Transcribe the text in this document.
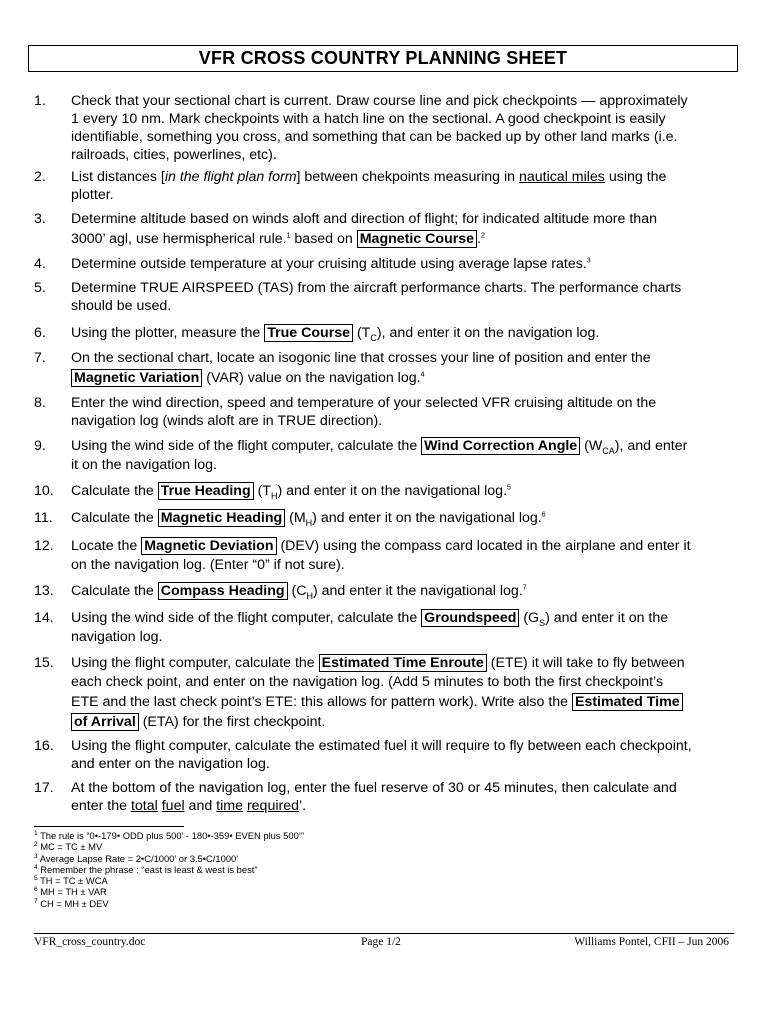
VFR CROSS COUNTRY PLANNING SHEET
1. Check that your sectional chart is current. Draw course line and pick checkpoints — approximately
1 every 10 nm. Mark checkpoints with a hatch line on the sectional. A good checkpoint is easily
identifiable, something you cross, and something that can be backed up by other land marks (i.e.
railroads, cities, powerlines, etc).
2. List distances [in the flight plan form] between chekpoints measuring in nautical miles using the
plotter.
3. Determine altitude based on winds aloft and direction of flight; for indicated altitude more than
3000’ agl, use hermispherical rule.$^1$ based on Magnetic Course .$^2$
4. Determine outside temperature at your cruising altitude using average lapse rates.$^3$
5. Determine TRUE AIRSPEED (TAS) from the aircraft performance charts. The performance charts
should be used.
6. Using the plotter, measure the True Course $(T_C)$, and enter it on the navigation log.
7. On the sectional chart, locate an isogonic line that crosses your line of position and enter the
Magnetic Variation (VAR) value on the navigation log.$^4$
8. Enter the wind direction, speed and temperature of your selected VFR cruising altitude on the
navigation log (winds aloft are in TRUE direction).
9. Using the wind side of the flight computer, calculate the Wind Correction Angle $(W_{CA})$, and enter
it on the navigation log.
10. Calculate the True Heading $(T_H)$ and enter it on the navigational log.$^5$
11. Calculate the Magnetic Heading $(M_H)$ and enter it on the navigational log.$^6$
12. Locate the Magnetic Deviation (DEV) using the compass card located in the airplane and enter it
on the navigation log. (Enter “0” if not sure).
13. Calculate the Compass Heading $(C_H)$ and enter it the navigational log.$^7$
14. Using the wind side of the flight computer, calculate the Groundspeed $(G_S)$ and enter it on the
navigation log.
15. Using the flight computer, calculate the Estimated Time Enroute (ETE) it will take to fly between
each check point, and enter on the navigation log. (Add 5 minutes to both the first checkpoint’s
ETE and the last check point’s ETE: this allows for pattern work). Write also the Estimated Time
of Arrival (ETA) for the first checkpoint.
16. Using the flight computer, calculate the estimated fuel it will require to fly between each checkpoint,
and enter on the navigation log.
17. At the bottom of the navigation log, enter the fuel reserve of 30 or 45 minutes, then calculate and
enter the total fuel and time required’.
$^1$ The rule is “0•-179• ODD plus 500’ - 180•-359• EVEN plus 500’”
$^2$ MC = TC ± MV
$^3$ Average Lapse Rate = 2•C/1000’ or 3.5•C/1000’
$^4$ Remember the phrase : “east is least & west is best”
$^5$ TH = TC ± WCA
$^6$ MH = TH ± VAR
$^7$ CH = MH ± DEV
VFR_cross_country.doc	Page 1/2	Williams Pontel, CFII – Jun 2006
